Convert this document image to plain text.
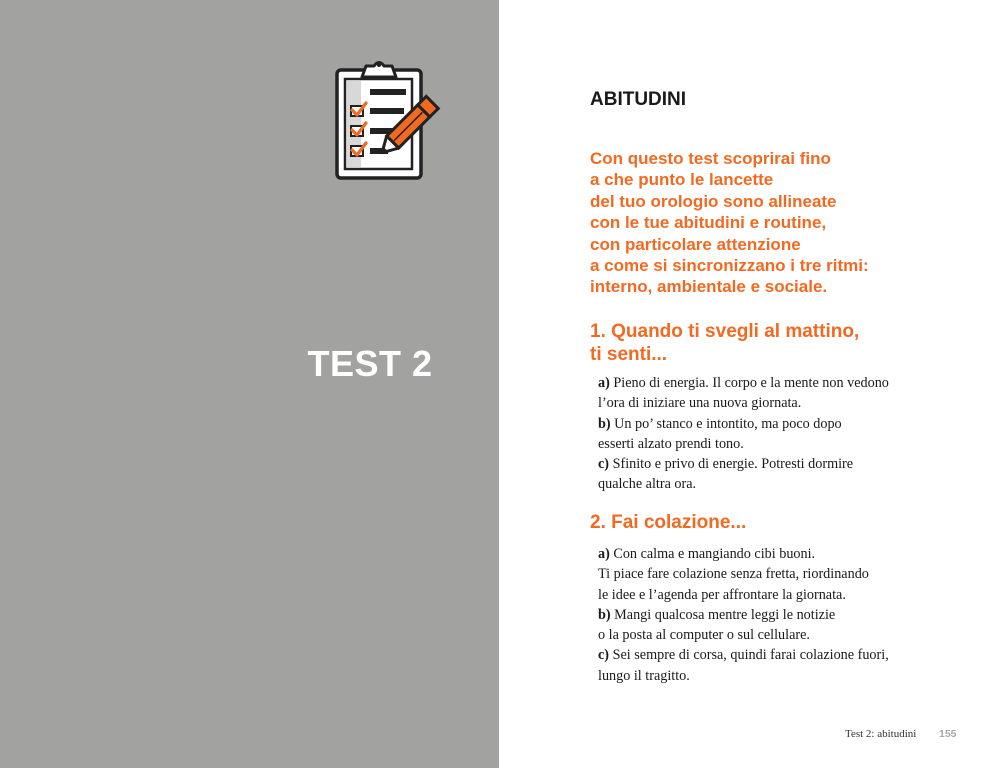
TEST 2
ABITUDINI
Con questo test scoprirai fino
a che punto le lancette
del tuo orologio sono allineate
con le tue abitudini e routine,
con particolare attenzione
a come si sincronizzano i tre ritmi:
interno, ambientale e sociale.
1. Quando ti svegli al mattino,
ti senti...
a) Pieno di energia. Il corpo e la mente non vedono
l’ora di iniziare una nuova giornata.
b) Un po’ stanco e intontito, ma poco dopo
esserti alzato prendi tono.
c) Sfinito e privo di energie. Potresti dormire
qualche altra ora.
2. Fai colazione...
a) Con calma e mangiando cibi buoni.
Ti piace fare colazione senza fretta, riordinando
le idee e l’agenda per affrontare la giornata.
b) Mangi qualcosa mentre leggi le notizie
o la posta al computer o sul cellulare.
c) Sei sempre di corsa, quindi farai colazione fuori,
lungo il tragitto.
Test 2: abitudini 155
